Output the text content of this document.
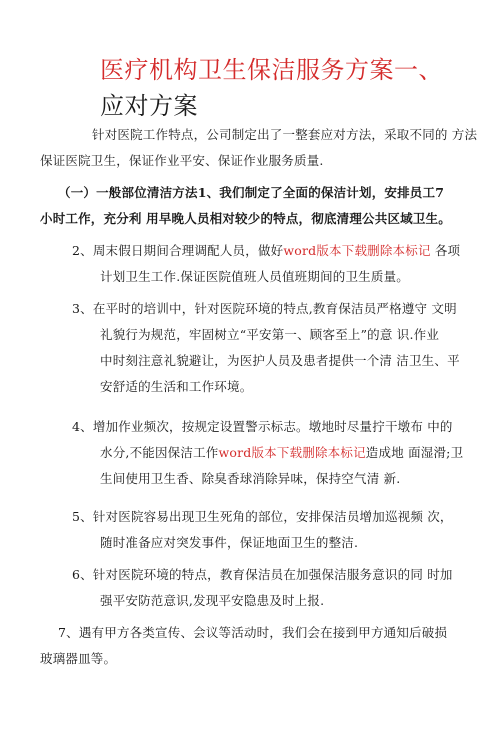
医疗机构卫生保洁服务方案一、
应对方案
针对医院工作特点，公司制定出了一整套应对方法，采取不同的 方法
保证医院卫生，保证作业平安、保证作业服务质量.
（一）一般部位清洁方法1、我们制定了全面的保洁计划，安排员工7
小时工作，充分利 用早晚人员相对较少的特点，彻底清理公共区域卫生。
2、周末假日期间合理调配人员，做好word版本下载删除本标记 各项
计划卫生工作.保证医院值班人员值班期间的卫生质量。
3、在平时的培训中，针对医院环境的特点,教育保洁员严格遵守 文明
礼貌行为规范，牢固树立“平安第一、顾客至上”的意 识.作业
中时刻注意礼貌避让，为医护人员及患者提供一个清 洁卫生、平
安舒适的生活和工作环境。
4、增加作业频次，按规定设置警示标志。墩地时尽量拧干墩布 中的
水分,不能因保洁工作word版本下载删除本标记造成地 面湿滑;卫
生间使用卫生香、除臭香球消除异味，保持空气清 新.
5、针对医院容易出现卫生死角的部位，安排保洁员增加巡视频 次，
随时准备应对突发事件，保证地面卫生的整洁.
6、针对医院环境的特点，教育保洁员在加强保洁服务意识的同 时加
强平安防范意识,发现平安隐患及时上报.
7、遇有甲方各类宣传、会议等活动时，我们会在接到甲方通知后破损
玻璃器皿等。
